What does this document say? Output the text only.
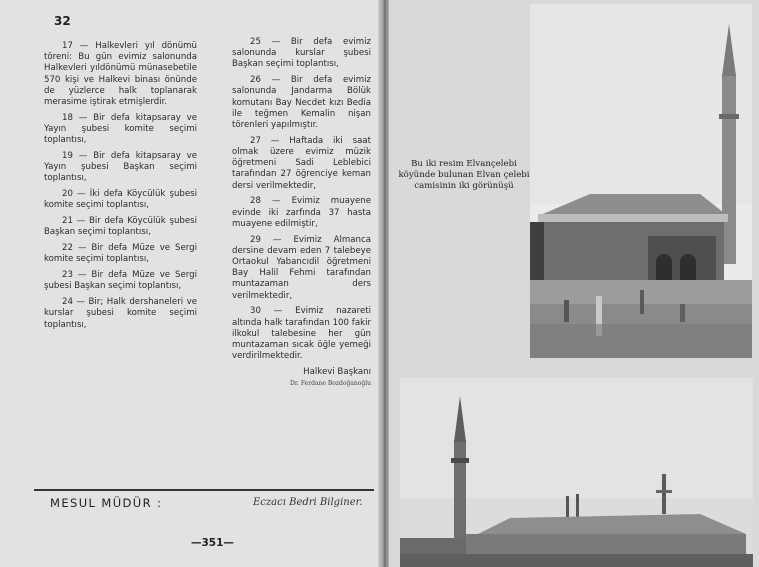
32

17 — Halkevleri yıl dönümü töreni: Bu gün evimiz salonunda Halkevleri yıldönümü münasebetile 570 kişi ve Halkevi binası önünde de yüzlerce halk toplanarak merasime iştirak etmişlerdir.

18 — Bir defa kitapsaray ve Yayın şubesi komite seçimi toplantısı,

19 — Bir defa kitapsaray ve Yayın şubesi Başkan seçimi toplantısı,

20 — İki defa Köycülük şubesi komite seçimi toplantısı,

21 — Bir defa Köycülük şubesi Başkan seçimi toplantısı,

22 — Bir defa Müze ve Sergi komite seçimi toplantısı,

23 — Bir defa Müze ve Sergi şubesi Başkan seçimi toplantısı,

24 — Bir; Halk dershaneleri ve kurslar şubesi komite seçimi toplantısı,

25 — Bir defa evimiz salonunda kurslar şubesi Başkan seçimi toplantısı,

26 — Bir defa evimiz salonunda Jandarma Bölük komutanı Bay Necdet kızı Bedia ile teğmen Kemalin nişan törenleri yapılmıştır.

27 — Haftada iki saat olmak üzere evimiz müzik öğretmeni Sadi Leblebici tarafından 27 öğrenciye keman dersi verilmektedir,

28 — Evimiz muayene evinde iki zarfında 37 hasta muayene edilmiştir,

29 — Evimiz Almanca dersine devam eden 7 talebeye Ortaokul Yabancıdil öğretmeni Bay Halil Fehmi tarafından muntazaman ders verilmektedir,

30 — Evimiz nazareti altında halk tarafından 100 fakir ilkokul talebesine her gün muntazaman sıcak öğle yemeği verdirilmektedir.

Halkevi Başkanı
Dr. Ferdane Bozdoğanoğlu
MESUL MÜDÜR :	Eczacı Bedri Bilginer.
—351—
Bu iki resim Elvançelebi köyünde bulunan Elvan çelebi camisinin iki görünüşü
